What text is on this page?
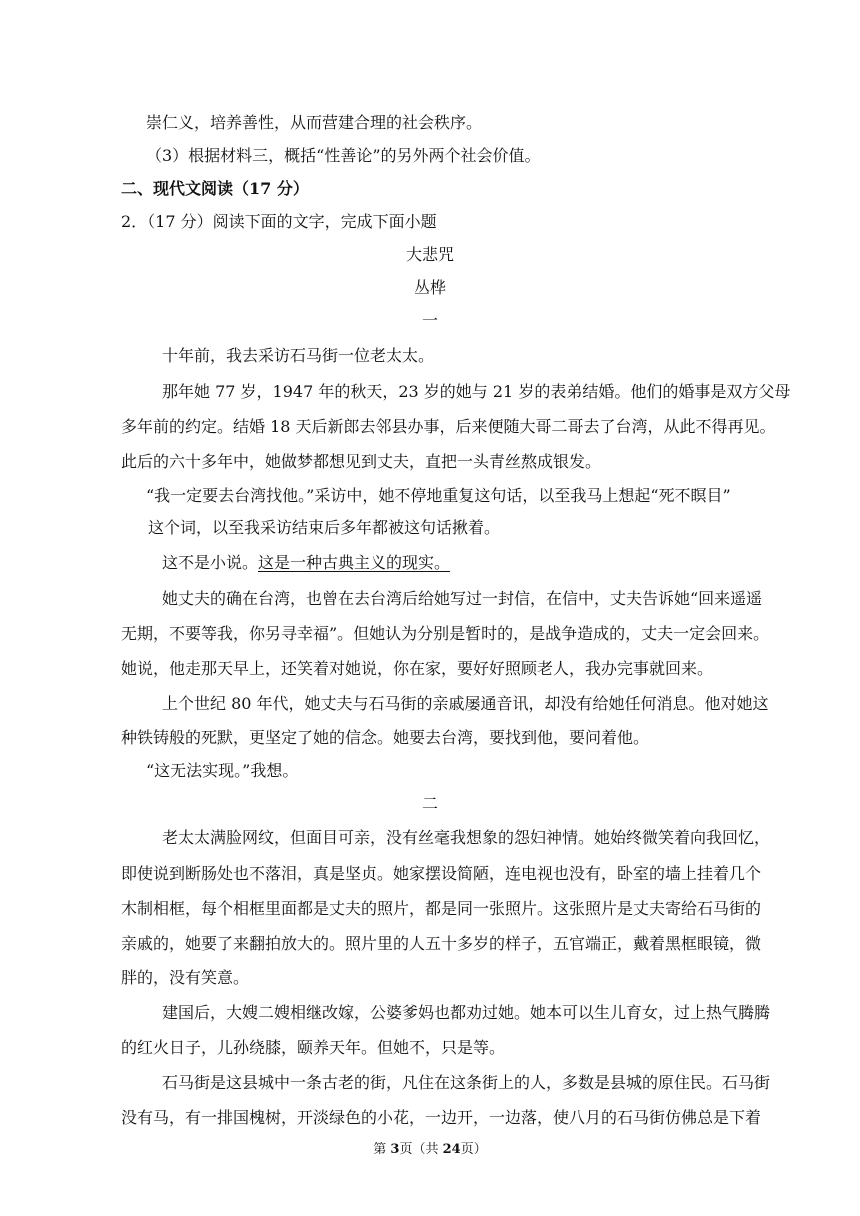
崇仁义，培养善性，从而营建合理的社会秩序。
（3）根据材料三，概括“性善论”的另外两个社会价值。
二、现代文阅读（17 分）
2．（17 分）阅读下面的文字，完成下面小题
大悲咒
丛桦
一
十年前，我去采访石马街一位老太太。
那年她 77 岁，1947 年的秋天，23 岁的她与 21 岁的表弟结婚。他们的婚事是双方父母
多年前的约定。结婚 18 天后新郎去邻县办事，后来便随大哥二哥去了台湾，从此不得再见。
此后的六十多年中，她做梦都想见到丈夫，直把一头青丝熬成银发。
“我一定要去台湾找他。”采访中，她不停地重复这句话，以至我马上想起“死不瞑目”
这个词，以至我采访结束后多年都被这句话揪着。
这不是小说。这是一种古典主义的现实。
她丈夫的确在台湾，也曾在去台湾后给她写过一封信，在信中，丈夫告诉她“回来遥遥
无期，不要等我，你另寻幸福”。但她认为分别是暂时的，是战争造成的，丈夫一定会回来。
她说，他走那天早上，还笑着对她说，你在家，要好好照顾老人，我办完事就回来。
上个世纪 80 年代，她丈夫与石马街的亲戚屡通音讯，却没有给她任何消息。他对她这
种铁铸般的死默，更坚定了她的信念。她要去台湾，要找到他，要问着他。
“这无法实现。”我想。
二
老太太满脸网纹，但面目可亲，没有丝毫我想象的怨妇神情。她始终微笑着向我回忆，
即使说到断肠处也不落泪，真是坚贞。她家摆设简陋，连电视也没有，卧室的墙上挂着几个
木制相框，每个相框里面都是丈夫的照片，都是同一张照片。这张照片是丈夫寄给石马街的
亲戚的，她要了来翻拍放大的。照片里的人五十多岁的样子，五官端正，戴着黑框眼镜，微
胖的，没有笑意。
建国后，大嫂二嫂相继改嫁，公婆爹妈也都劝过她。她本可以生儿育女，过上热气腾腾
的红火日子，儿孙绕膝，颐养天年。但她不，只是等。
石马街是这县城中一条古老的街，凡住在这条街上的人，多数是县城的原住民。石马街
没有马，有一排国槐树，开淡绿色的小花，一边开，一边落，使八月的石马街仿佛总是下着
第 3页（共 24页）
